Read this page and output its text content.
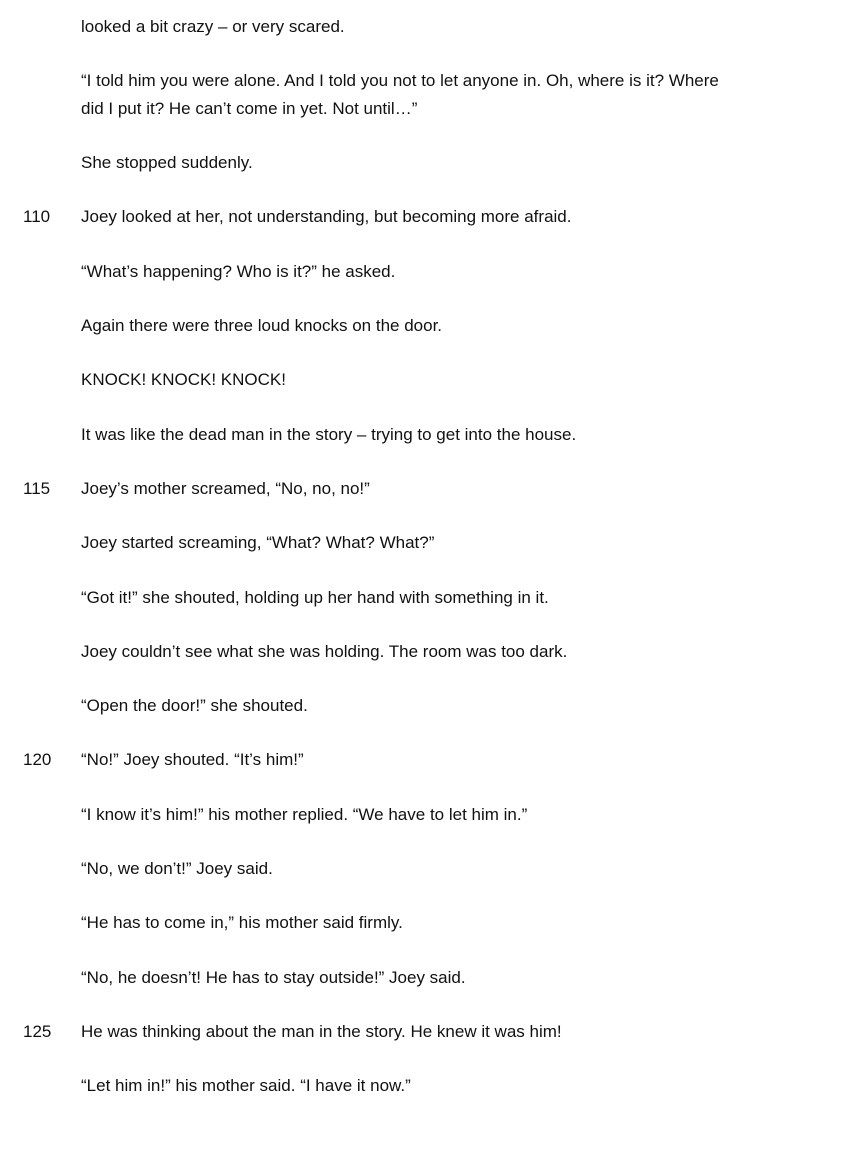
looked a bit crazy – or very scared.
“I told him you were alone. And I told you not to let anyone in. Oh, where is it? Where
did I put it? He can’t come in yet. Not until…”
She stopped suddenly.
110	Joey looked at her, not understanding, but becoming more afraid.
“What’s happening? Who is it?” he asked.
Again there were three loud knocks on the door.
KNOCK! KNOCK! KNOCK!
It was like the dead man in the story – trying to get into the house.
115	Joey’s mother screamed, “No, no, no!”
Joey started screaming, “What? What? What?”
“Got it!” she shouted, holding up her hand with something in it.
Joey couldn’t see what she was holding. The room was too dark.
“Open the door!” she shouted.
120	“No!” Joey shouted. “It’s him!”
“I know it’s him!” his mother replied. “We have to let him in.”
“No, we don’t!” Joey said.
“He has to come in,” his mother said firmly.
“No, he doesn’t! He has to stay outside!” Joey said.
125	He was thinking about the man in the story. He knew it was him!
“Let him in!” his mother said. “I have it now.”
